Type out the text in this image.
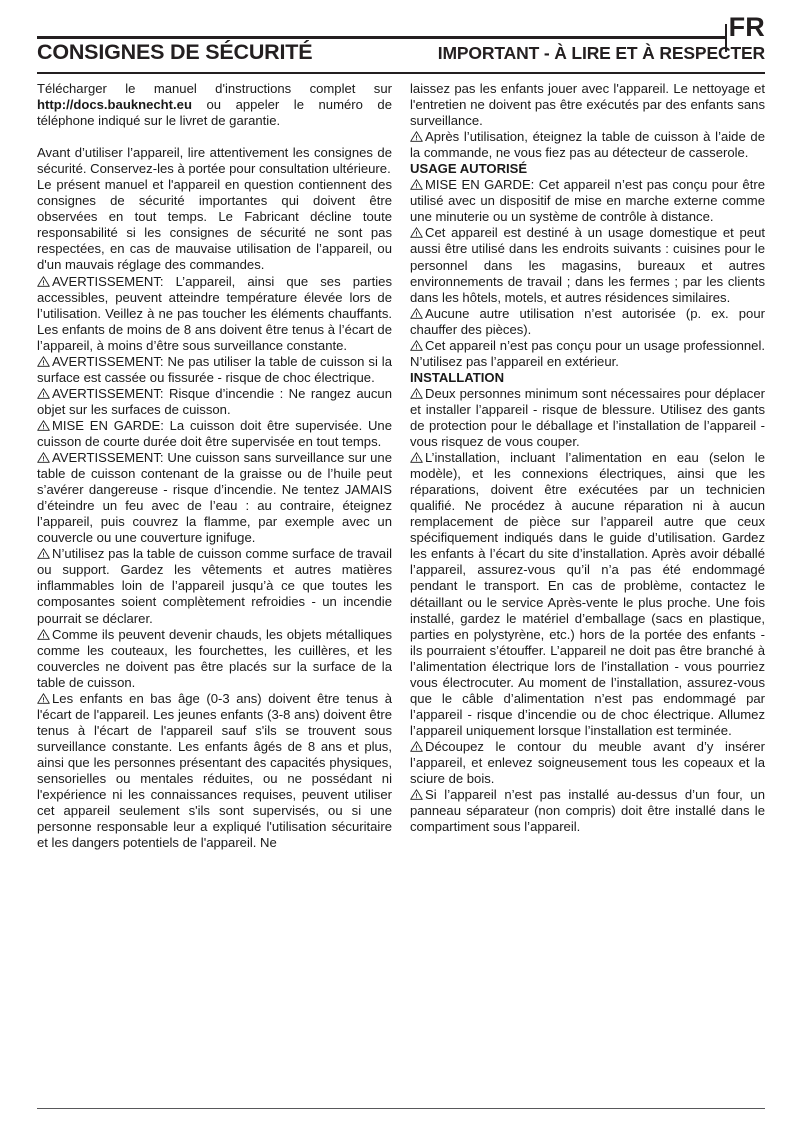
FR
CONSIGNES DE SÉCURITÉ	IMPORTANT - À LIRE ET À RESPECTER

Télécharger le manuel d'instructions complet sur http://docs.bauknecht.eu ou appeler le numéro de téléphone indiqué sur le livret de garantie.

Avant d’utiliser l’appareil, lire attentivement les consignes de sécurité. Conservez-les à portée pour consultation ultérieure.

Le présent manuel et l'appareil en question contiennent des consignes de sécurité importantes qui doivent être observées en tout temps. Le Fabricant décline toute responsabilité si les consignes de sécurité ne sont pas respectées, en cas de mauvaise utilisation de l’appareil, ou d'un mauvais réglage des commandes.

AVERTISSEMENT: L’appareil, ainsi que ses parties accessibles, peuvent atteindre température élevée lors de l’utilisation. Veillez à ne pas toucher les éléments chauffants. Les enfants de moins de 8 ans doivent être tenus à l’écart de l’appareil, à moins d’être sous surveillance constante.

AVERTISSEMENT: Ne pas utiliser la table de cuisson si la surface est cassée ou fissurée - risque de choc électrique.

AVERTISSEMENT: Risque d’incendie : Ne rangez aucun objet sur les surfaces de cuisson.

MISE EN GARDE: La cuisson doit être supervisée. Une cuisson de courte durée doit être supervisée en tout temps.

AVERTISSEMENT: Une cuisson sans surveillance sur une table de cuisson contenant de la graisse ou de l’huile peut s’avérer dangereuse - risque d’incendie. Ne tentez JAMAIS d’éteindre un feu avec de l’eau : au contraire, éteignez l’appareil, puis couvrez la flamme, par exemple avec un couvercle ou une couverture ignifuge.

N’utilisez pas la table de cuisson comme surface de travail ou support. Gardez les vêtements et autres matières inflammables loin de l’appareil jusqu’à ce que toutes les composantes soient complètement refroidies - un incendie pourrait se déclarer.

Comme ils peuvent devenir chauds, les objets métalliques comme les couteaux, les fourchettes, les cuillères, et les couvercles ne doivent pas être placés sur la surface de la table de cuisson.

Les enfants en bas âge (0-3 ans) doivent être tenus à l'écart de l'appareil. Les jeunes enfants (3-8 ans) doivent être tenus à l'écart de l'appareil sauf s'ils se trouvent sous surveillance constante. Les enfants âgés de 8 ans et plus, ainsi que les personnes présentant des capacités physiques, sensorielles ou mentales réduites, ou ne possédant ni l'expérience ni les connaissances requises, peuvent utiliser cet appareil seulement s'ils sont supervisés, ou si une personne responsable leur a expliqué l'utilisation sécuritaire et les dangers potentiels de l'appareil. Ne

laissez pas les enfants jouer avec l'appareil. Le nettoyage et l'entretien ne doivent pas être exécutés par des enfants sans surveillance.

Après l’utilisation, éteignez la table de cuisson à l’aide de la commande, ne vous fiez pas au détecteur de casserole.

USAGE AUTORISÉ

MISE EN GARDE: Cet appareil n’est pas conçu pour être utilisé avec un dispositif de mise en marche externe comme une minuterie ou un système de contrôle à distance.

Cet appareil est destiné à un usage domestique et peut aussi être utilisé dans les endroits suivants : cuisines pour le personnel dans les magasins, bureaux et autres environnements de travail ; dans les fermes ; par les clients dans les hôtels, motels, et autres résidences similaires.

Aucune autre utilisation n’est autorisée (p. ex. pour chauffer des pièces).

Cet appareil n’est pas conçu pour un usage professionnel. N’utilisez pas l’appareil en extérieur.

INSTALLATION

Deux personnes minimum sont nécessaires pour déplacer et installer l’appareil - risque de blessure. Utilisez des gants de protection pour le déballage et l’installation de l’appareil - vous risquez de vous couper.

L’installation, incluant l’alimentation en eau (selon le modèle), et les connexions électriques, ainsi que les réparations, doivent être exécutées par un technicien qualifié. Ne procédez à aucune réparation ni à aucun remplacement de pièce sur l’appareil autre que ceux spécifiquement indiqués dans le guide d’utilisation. Gardez les enfants à l’écart du site d’installation. Après avoir déballé l’appareil, assurez-vous qu’il n’a pas été endommagé pendant le transport. En cas de problème, contactez le détaillant ou le service Après-vente le plus proche. Une fois installé, gardez le matériel d’emballage (sacs en plastique, parties en polystyrène, etc.) hors de la portée des enfants - ils pourraient s’étouffer. L’appareil ne doit pas être branché à l’alimentation électrique lors de l’installation - vous pourriez vous électrocuter. Au moment de l’installation, assurez-vous que le câble d’alimentation n’est pas endommagé par l’appareil - risque d’incendie ou de choc électrique. Allumez l’appareil uniquement lorsque l’installation est terminée.

Découpez le contour du meuble avant d’y insérer l’appareil, et enlevez soigneusement tous les copeaux et la sciure de bois.

Si l’appareil n’est pas installé au-dessus d’un four, un panneau séparateur (non compris) doit être installé dans le compartiment sous l’appareil.
